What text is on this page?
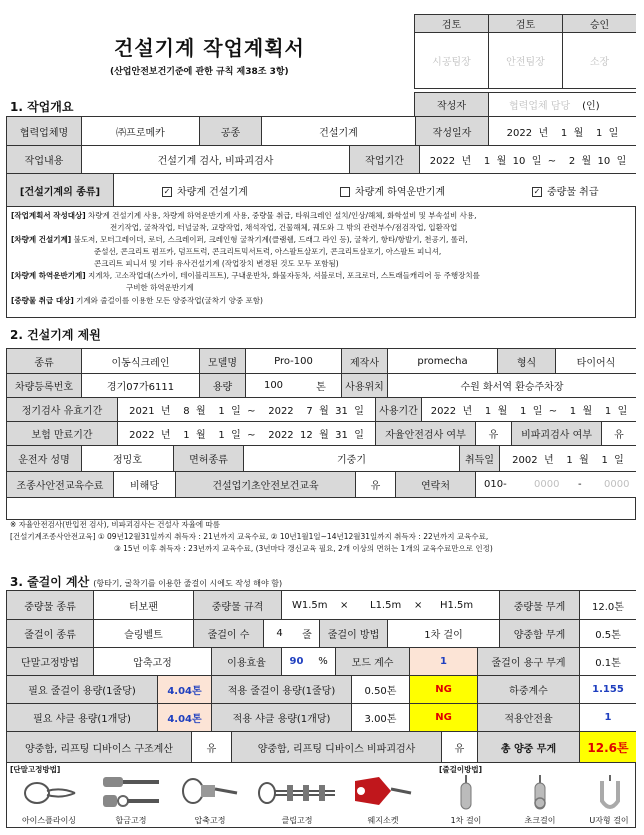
건설기계 작업계획서
(산업안전보건기준에 관한 규칙 제38조 3항)
검토	검토	승인
시공팀장	안전팀장	소장
1. 작업개요	작성자	협력업체 담당 (인)
협력업체명	㈜프로메카	공종	건설기계	작성일자	2022  년    1  월    1  일
작업내용	건설기계 검사, 비파괴검사	작업기간	2022  년    1  월  10  일  ~    2  월  10  일
[건설기계의 종류]	✓ 차량계 건설기계	차량계 하역운반기계	✓ 중량물 취급
[작업계획서 작성대상] 차량계 건설기계 사용, 차량계 하역운반기계 사용, 중량물 취급, 타워크레인 설치/인상/해체, 화학설비 및 부속설비 사용,
전기작업, 굴착작업, 터널굴착, 교량작업, 채석작업, 건물해체, 궤도와 그 밖의 관련부수/점검작업, 입환작업
[차량계 건설기계] 불도저, 모터그레이더, 로더, 스크레이퍼, 크레인형 굴착기계(클램쉘, 드래그 라인 등), 굴착기, 항타/항발기, 천공기, 롤러,
준설선, 콘크리트 펌프카, 덤프트럭, 콘크리트믹서트럭, 아스팔트살포기, 콘크리트살포기, 아스팔트 피니셔,
콘크리트 피니셔 및 기타 유사건설기계 (작업장치 변경된 것도 모두 포함됨)
[차량계 하역운반기계] 지게차, 고소작업대(스카이, 테이블리프트), 구내운반차, 화물자동차, 셔블로더, 포크로더, 스트래들캐리어 등 주행장치를
구비한 하역운반기계
[중량물 취급 대상] 기계와 줄걸이를 이용한 모든 양중작업(굴착기 양중 포함)
2. 건설기계 제원
종류	이동식크레인	모델명	Pro-100	제작사	promecha	형식	타이어식
차량등록번호	경기07가6111	용량	100	톤	사용위치	수원 화서역 환승주차장
정기검사 유효기간	2021  년    8  월    1  일  ~    2022    7  월  31  일	사용기간	2022  년    1  월    1  일  ~    1  월    1  일
보험 만료기간	2022  년    1  월    1  일  ~    2022  12  월  31  일	자율안전검사 여부	유	비파괴검사 여부	유
운전자 성명	정밍호	면허종류	기중기	취득일	2002  년    1  월    1  일
조종사안전교육수료	비해당	건설업기초안전보건교육	유	연락처	010-	0000 - 0000
※ 자율안전검사(반입전 검사), 비파괴검사는 건설사 자율에 따름
[건설기계조종사안전교육] ① 09년12월31일까지 취득자 : 21년까지 교육수료, ② 10년1월1일~14년12월31일까지 취득자 : 22년까지 교육수료,
③ 15년 이후 취득자 : 23년까지 교육수료, (3년마다 갱신교육 필요, 2개 이상의 면허는 1개의 교육수료만으로 인정)
3. 줄걸이 계산 (항타기, 굴착기를 이용한 줄걸이 시에도 작성 해야 함)
중량물 종류	터보팬	중량물 규격	W1.5m × L1.5m × H1.5m	중량물 무게	12.0톤
줄걸이 종류	슬링벨트	줄걸이 수	4	줄	줄걸이 방법	1차 걸이	양중함 무게	0.5톤
단말고정방법	압축고정	이용효율	90	%	모드 계수	1	줄걸이 용구 무게	0.1톤
필요 줄걸이 용량(1줄당)	4.04톤	적용 줄걸이 용량(1줄당)	0.50톤	NG	하중계수	1.155
필요 샤클 용량(1개당)	4.04톤	적용 샤클 용량(1개당)	3.00톤	NG	적용안전율	1
양중함, 리프팅 디바이스 구조계산	유	양중함, 리프팅 디바이스 비파괴검사	유	총 양중 무게	12.6톤
[단말고정방법]	[줄걸이방법]
아이스플라이싱	합금고정	압축고정	클립고정	웨지소켓	1차 걸이	초크걸이	U자형 걸이
